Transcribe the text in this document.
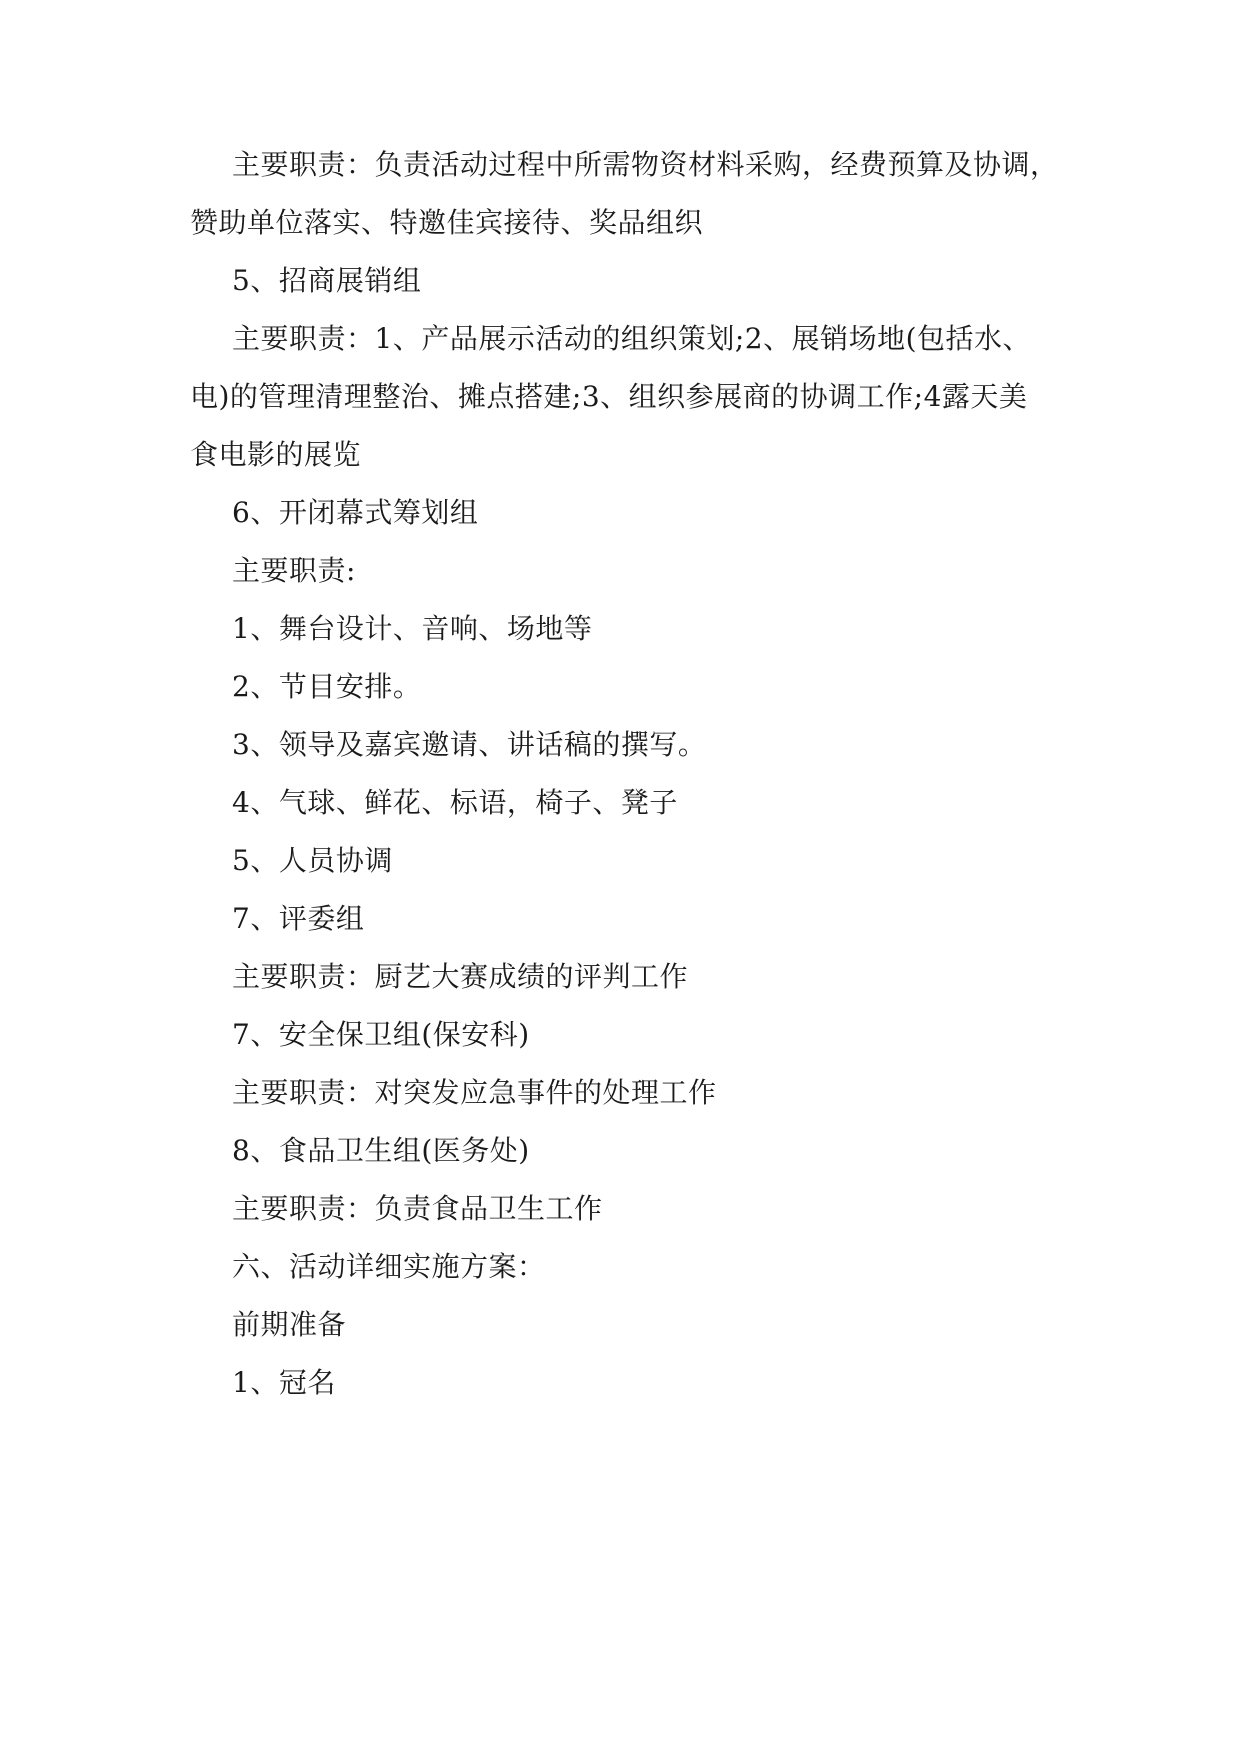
主要职责：负责活动过程中所需物资材料采购，经费预算及协调，

赞助单位落实、特邀佳宾接待、奖品组织

5、招商展销组

主要职责：1、产品展示活动的组织策划;2、展销场地(包括水、

电)的管理清理整治、摊点搭建;3、组织参展商的协调工作;4露天美

食电影的展览

6、开闭幕式筹划组

主要职责:

1、舞台设计、音响、场地等

2、节目安排。

3、领导及嘉宾邀请、讲话稿的撰写。

4、气球、鲜花、标语，椅子、凳子

5、人员协调

7、评委组

主要职责：厨艺大赛成绩的评判工作

7、安全保卫组(保安科)

主要职责：对突发应急事件的处理工作

8、食品卫生组(医务处)

主要职责：负责食品卫生工作

六、活动详细实施方案：

前期准备

1、冠名
